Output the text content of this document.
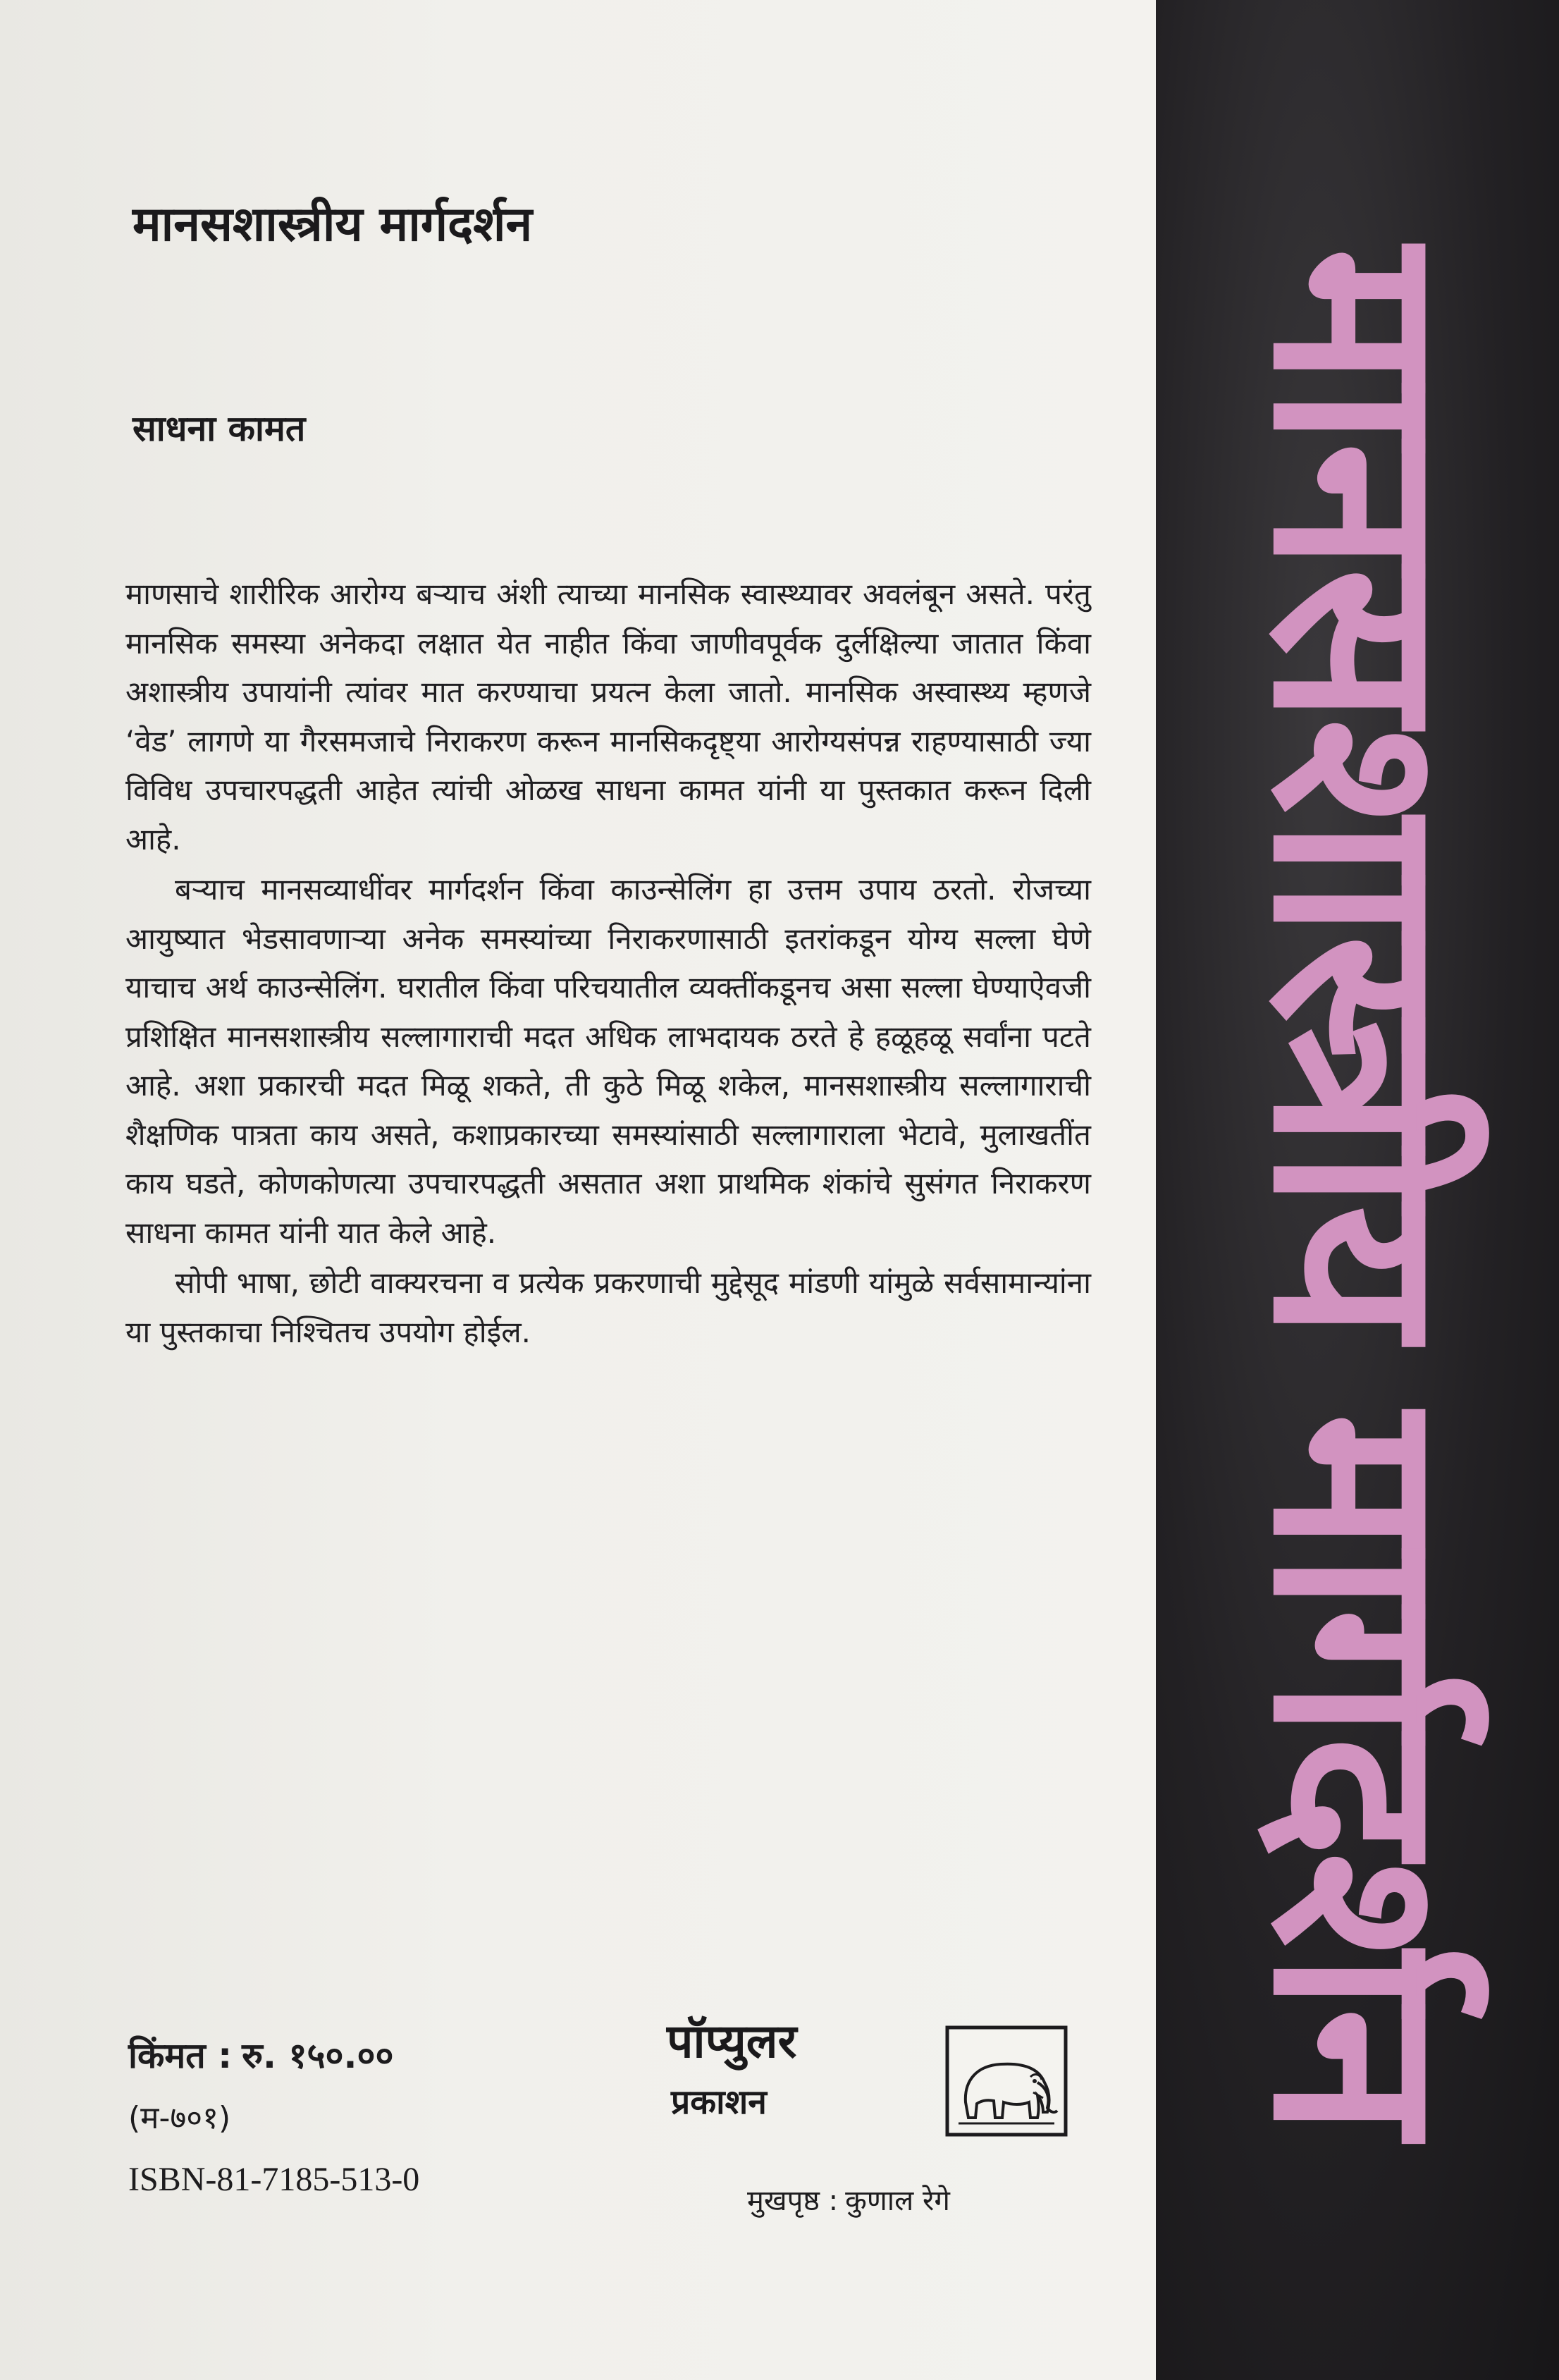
मानसशास्त्रीय मार्गदर्शन
मानसशास्त्रीय मार्गदर्शन
साधना कामत

माणसाचे शारीरिक आरोग्य बऱ्याच अंशी त्याच्या मानसिक स्वास्थ्यावर अवलंबून असते. परंतु मानसिक समस्या अनेकदा लक्षात येत नाहीत किंवा जाणीवपूर्वक दुर्लक्षिल्या जातात किंवा अशास्त्रीय उपायांनी त्यांवर मात करण्याचा प्रयत्न केला जातो. मानसिक अस्वास्थ्य म्हणजे ‘वेड’ लागणे या गैरसमजाचे निराकरण करून मानसिकदृष्ट्या आरोग्यसंपन्न राहण्यासाठी ज्या विविध उपचारपद्धती आहेत त्यांची ओळख साधना कामत यांनी या पुस्तकात करून दिली आहे.

बऱ्याच मानसव्याधींवर मार्गदर्शन किंवा काउन्सेलिंग हा उत्तम उपाय ठरतो. रोजच्या आयुष्यात भेडसावणाऱ्या अनेक समस्यांच्या निराकरणासाठी इतरांकडून योग्य सल्ला घेणे याचाच अर्थ काउन्सेलिंग. घरातील किंवा परिचयातील व्यक्तींकडूनच असा सल्ला घेण्याऐवजी प्रशिक्षित मानसशास्त्रीय सल्लागाराची मदत अधिक लाभदायक ठरते हे हळूहळू सर्वांना पटते आहे. अशा प्रकारची मदत मिळू शकते, ती कुठे मिळू शकेल, मानसशास्त्रीय सल्लागाराची शैक्षणिक पात्रता काय असते, कशाप्रकारच्या समस्यांसाठी सल्लागाराला भेटावे, मुलाखतींत काय घडते, कोणकोणत्या उपचारपद्धती असतात अशा प्राथमिक शंकांचे सुसंगत निराकरण साधना कामत यांनी यात केले आहे.

सोपी भाषा, छोटी वाक्यरचना व प्रत्येक प्रकरणाची मुद्देसूद मांडणी यांमुळे सर्वसामान्यांना या पुस्तकाचा निश्चितच उपयोग होईल.

किंमत : रु. १५०.००
(म-७०१)
ISBN-81-7185-513-0
पॉप्युलर
प्रकाशन
मुखपृष्ठ : कुणाल रेगे
